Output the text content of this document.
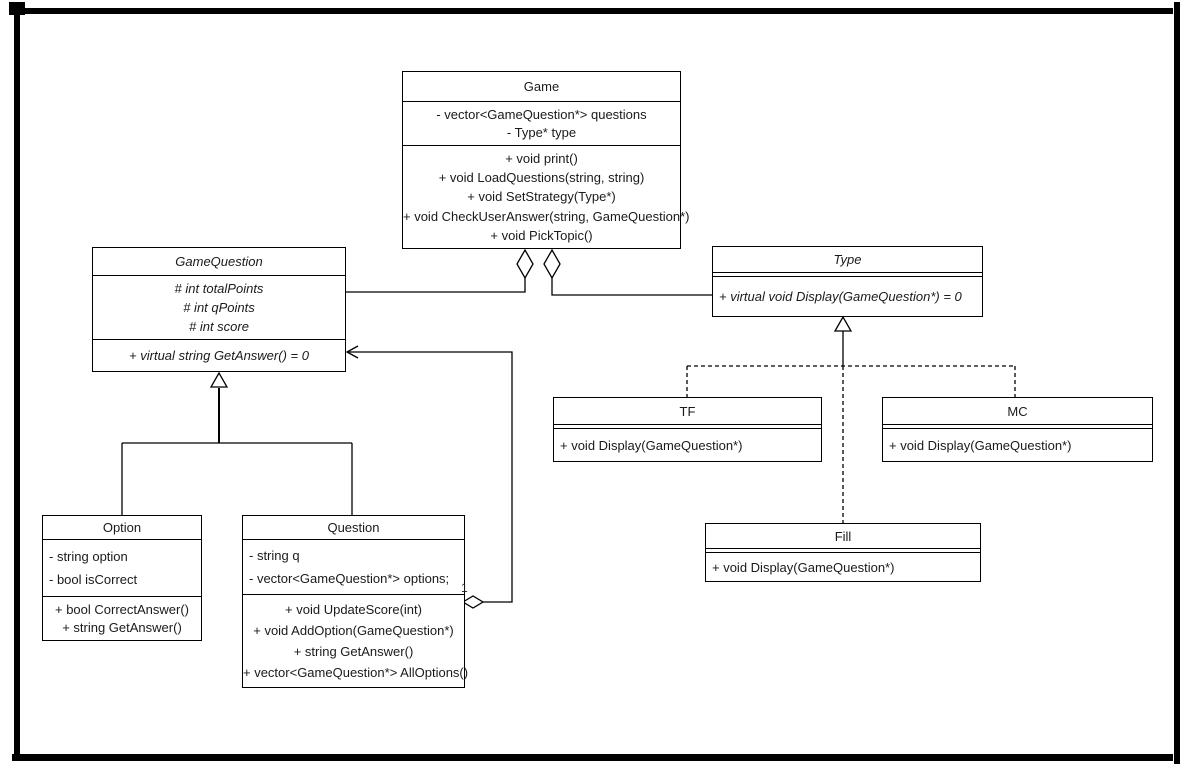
Game
- vector<GameQuestion*> questions
- Type* type
+ void print()
+ void LoadQuestions(string, string)
+ void SetStrategy(Type*)
+ void CheckUserAnswer(string, GameQuestion*)
+ void PickTopic()
GameQuestion
# int totalPoints
# int qPoints
# int score
+ virtual string GetAnswer() = 0
Type
+ virtual void Display(GameQuestion*) = 0
TF
+ void Display(GameQuestion*)
MC
+ void Display(GameQuestion*)
Fill
+ void Display(GameQuestion*)
Option
- string option
- bool isCorrect
+ bool CorrectAnswer()
+ string GetAnswer()
Question
- string q
- vector<GameQuestion*> options;
+ void UpdateScore(int)
+ void AddOption(GameQuestion*)
+ string GetAnswer()
+ vector<GameQuestion*> AllOptions()
1
